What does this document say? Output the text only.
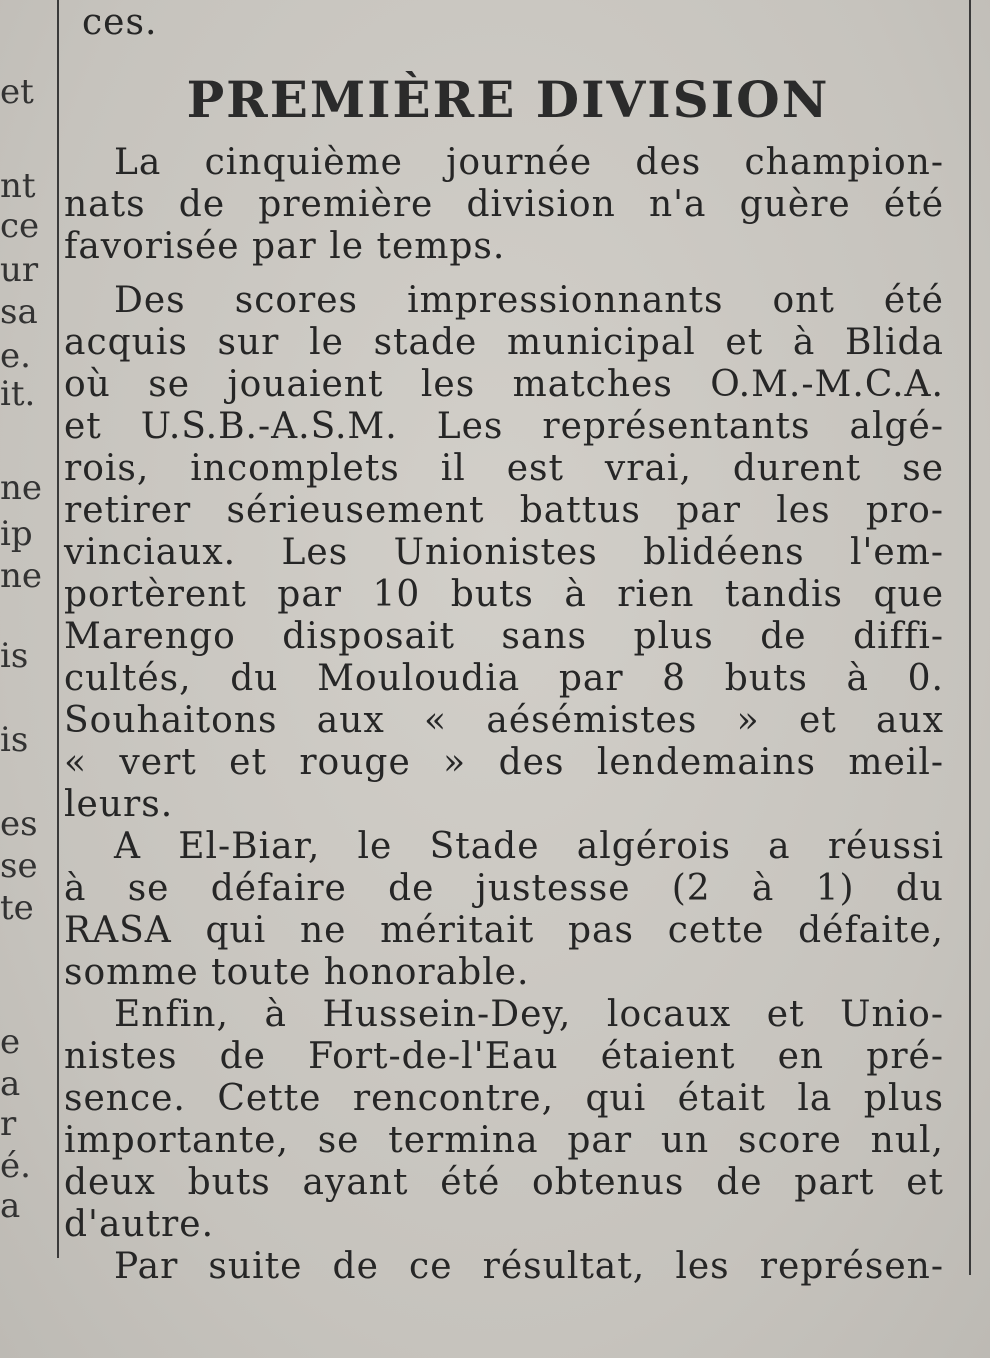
et
nt
ce
ur
sa
e.
it.
ne
ip
ne
is
is
es
se
te
e
a
r
é.
a
ces.
PREMIÈRE DIVISION
La cinquième journée des champion-
nats de première division n'a guère été
favorisée par le temps.
Des scores impressionnants ont été
acquis sur le stade municipal et à Blida
où se jouaient les matches O.M.-M.C.A.
et U.S.B.-A.S.M. Les représentants algé-
rois, incomplets il est vrai, durent se
retirer sérieusement battus par les pro-
vinciaux. Les Unionistes blidéens l'em-
portèrent par 10 buts à rien tandis que
Marengo disposait sans plus de diffi-
cultés, du Mouloudia par 8 buts à 0.
Souhaitons aux « aésémistes » et aux
« vert et rouge » des lendemains meil-
leurs.
A El-Biar, le Stade algérois a réussi
à se défaire de justesse (2 à 1) du
RASA qui ne méritait pas cette défaite,
somme toute honorable.
Enfin, à Hussein-Dey, locaux et Unio-
nistes de Fort-de-l'Eau étaient en pré-
sence. Cette rencontre, qui était la plus
importante, se termina par un score nul,
deux buts ayant été obtenus de part et
d'autre.
Par suite de ce résultat, les représen-
